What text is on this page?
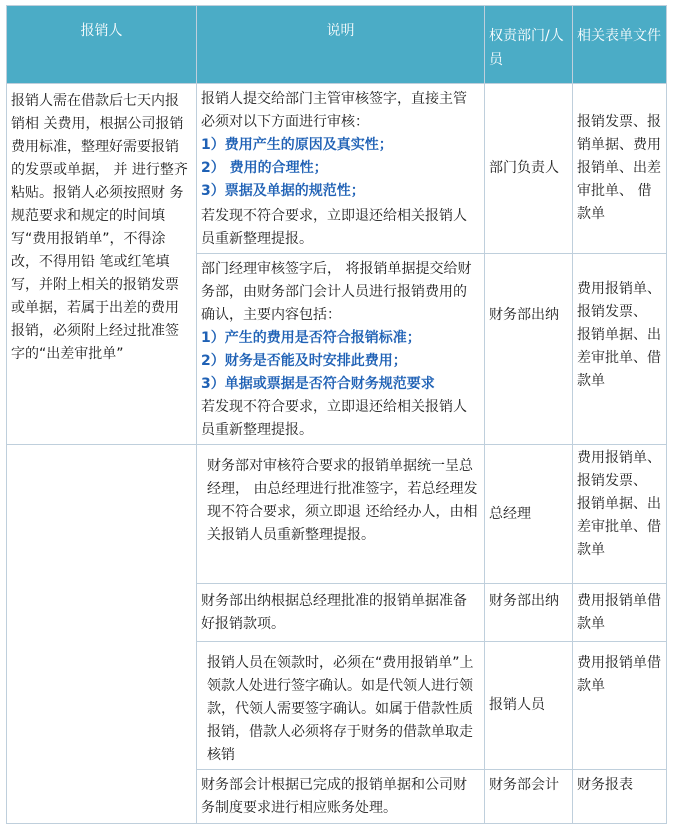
报销人	说明	权责部门/人员	相关表单文件
报销人需在借款后七天内报销相 关费用，根据公司报销费用标准，整理好需要报销的发票或单据， 并 进行整齐粘贴。报销人必须按照财 务规范要求和规定的时间填写“费用报销单”，不得涂改，不得用铅 笔或红笔填写，并附上相关的报销发票或单据，若属于出差的费用报销，必须附上经过批准签字的“出差审批单”	报销人提交给部门主管审核签字，直接主管必须对以下方面进行审核：
1）费用产生的原因及真实性；
2） 费用的合理性；
3）票据及单据的规范性；
若发现不符合要求，立即退还给相关报销人员重新整理提报。	部门负责人	报销发票、报销单据、费用报销单、出差审批单、 借款单

	部门经理审核签字后， 将报销单据提交给财务部，由财务部门会计人员进行报销费用的确认，主要内容包括：
1）产生的费用是否符合报销标准；
2）财务是否能及时安排此费用；
3）单据或票据是否符合财务规范要求
若发现不符合要求，立即退还给相关报销人员重新整理提报。	财务部出纳	费用报销单、报销发票、 报销单据、出差审批单、借款单
	财务部对审核符合要求的报销单据统一呈总经理， 由总经理进行批准签字，若总经理发现不符合要求，须立即退 还给经办人，由相关报销人员重新整理提报。	总经理	费用报销单、报销发票、 报销单据、出差审批单、借款单
	财务部出纳根据总经理批准的报销单据准备好报销款项。	财务部出纳	费用报销单借款单
	报销人员在领款时，必须在“费用报销单”上领款人处进行签字确认。如是代领人进行领款，代领人需要签字确认。如属于借款性质报销，借款人必须将存于财务的借款单取走核销	报销人员	费用报销单借款单
	财务部会计根据已完成的报销单据和公司财务制度要求进行相应账务处理。	财务部会计	财务报表
